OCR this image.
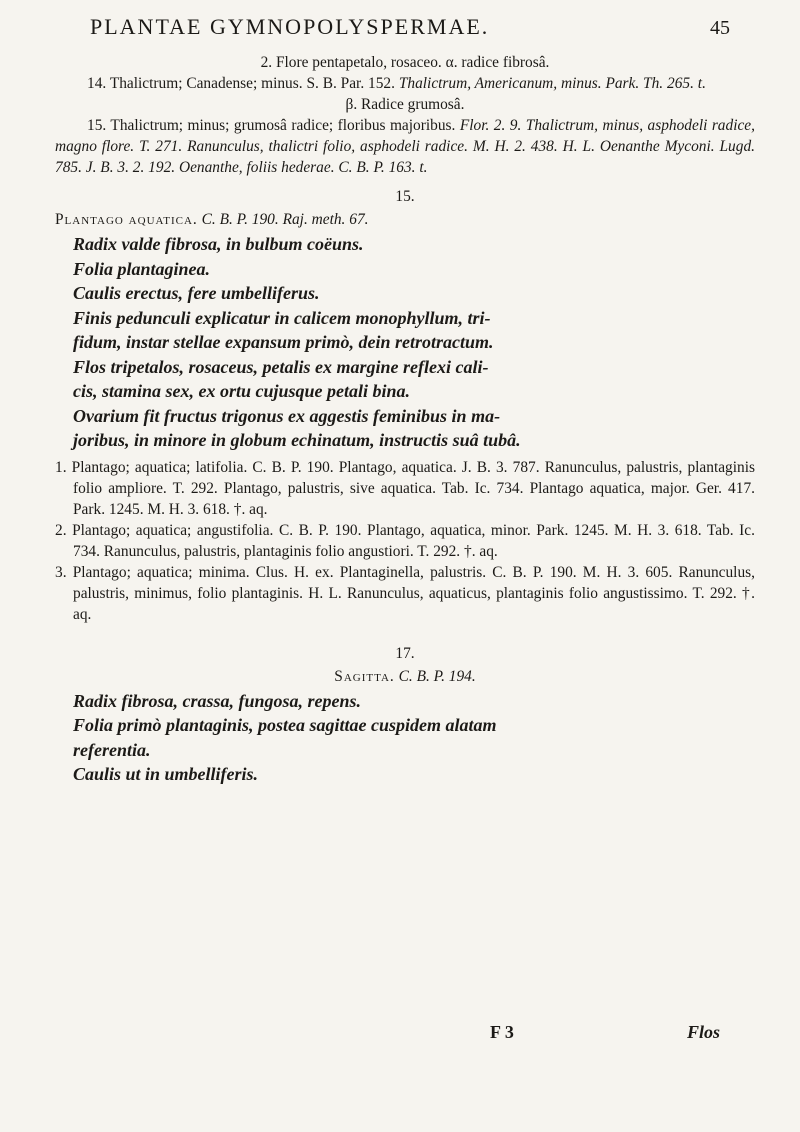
PLANTAE GYMNOPOLYSPERMAE.	45

2. Flore pentapetalo, rosaceo. α. radice fibrosâ.

14. Thalictrum; Canadense; minus. S. B. Par. 152. Thalictrum, Americanum, minus. Park. Th. 265. t.

β. Radice grumosâ.

15. Thalictrum; minus; grumosâ radice; floribus majoribus. Flor. 2. 9. Thalictrum, minus, asphodeli radice, magno flore. T. 271. Ranunculus, thalictri folio, asphodeli radice. M. H. 2. 438. H. L. Oenanthe Myconi. Lugd. 785. J. B. 3. 2. 192. Oenanthe, foliis hederae. C. B. P. 163. t.

15.

Plantago aquatica. C. B. P. 190. Raj. meth. 67.

Radix valde fibrosa, in bulbum coëuns.
Folia plantaginea.
Caulis erectus, fere umbelliferus.
Finis pedunculi explicatur in calicem monophyllum, tri-
fidum, instar stellae expansum primò, dein retrotractum.
Flos tripetalos, rosaceus, petalis ex margine reflexi cali-
cis, stamina sex, ex ortu cujusque petali bina.
Ovarium fit fructus trigonus ex aggestis feminibus in ma-
joribus, in minore in globum echinatum, instructis suâ tubâ.

1. Plantago; aquatica; latifolia. C. B. P. 190. Plantago, aquatica. J. B. 3. 787. Ranunculus, palustris, plantaginis folio ampliore. T. 292. Plantago, palustris, sive aquatica. Tab. Ic. 734. Plantago aquatica, major. Ger. 417. Park. 1245. M. H. 3. 618. †. aq.

2. Plantago; aquatica; angustifolia. C. B. P. 190. Plantago, aquatica, minor. Park. 1245. M. H. 3. 618. Tab. Ic. 734. Ranunculus, palustris, plantaginis folio angustiori. T. 292. †. aq.

3. Plantago; aquatica; minima. Clus. H. ex. Plantaginella, palustris. C. B. P. 190. M. H. 3. 605. Ranunculus, palustris, minimus, folio plantaginis. H. L. Ranunculus, aquaticus, plantaginis folio angustissimo. T. 292. †. aq.

17.

Sagitta. C. B. P. 194.

Radix fibrosa, crassa, fungosa, repens.
Folia primò plantaginis, postea sagittae cuspidem alatam
referentia.
Caulis ut in umbelliferis.
F 3	Flos
